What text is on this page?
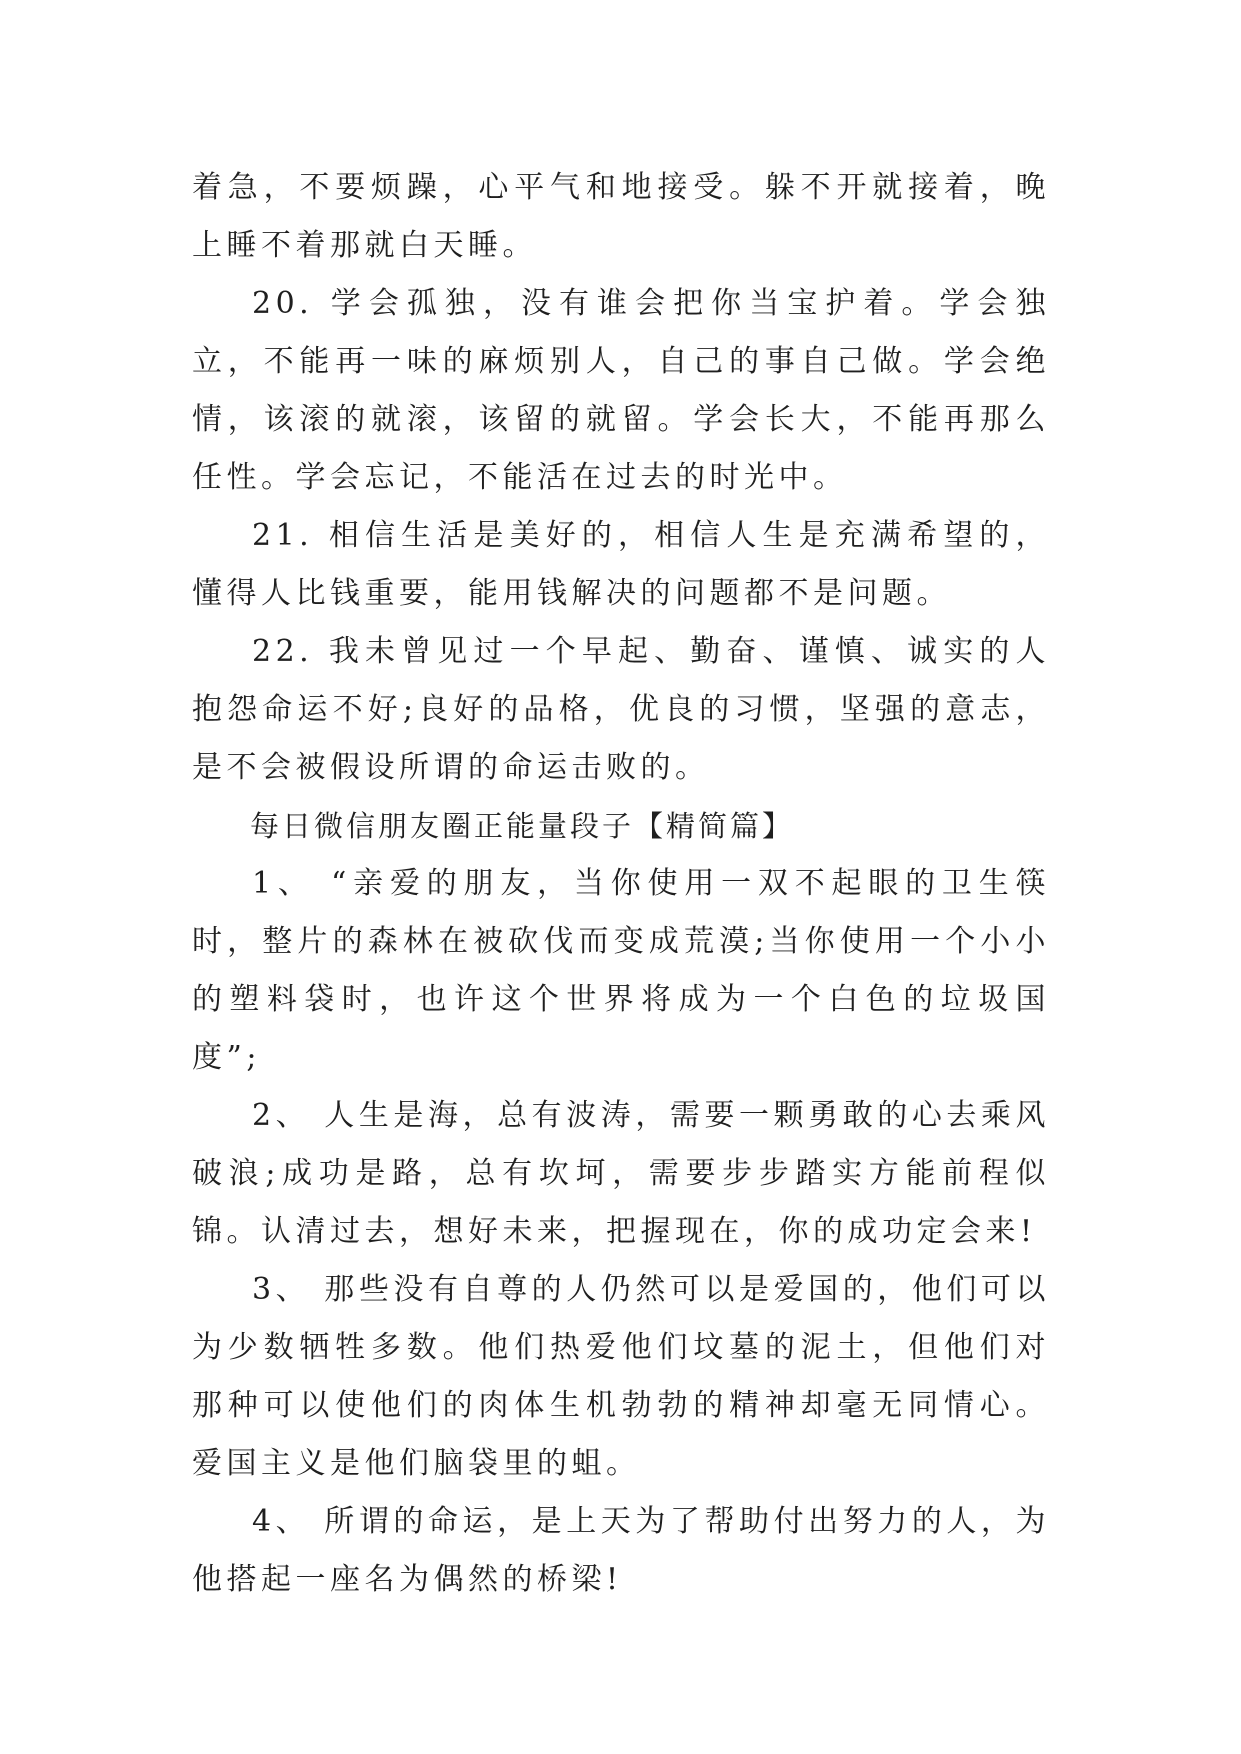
着急，不要烦躁，心平气和地接受。躲不开就接着，晚上睡不着那就白天睡。

20. 学会孤独，没有谁会把你当宝护着。学会独立，不能再一味的麻烦别人，自己的事自己做。学会绝情，该滚的就滚，该留的就留。学会长大，不能再那么任性。学会忘记，不能活在过去的时光中。

21. 相信生活是美好的，相信人生是充满希望的，懂得人比钱重要，能用钱解决的问题都不是问题。

22. 我未曾见过一个早起、勤奋、谨慎、诚实的人抱怨命运不好;良好的品格，优良的习惯，坚强的意志，是不会被假设所谓的命运击败的。

每日微信朋友圈正能量段子【精简篇】

1、 “亲爱的朋友，当你使用一双不起眼的卫生筷时，整片的森林在被砍伐而变成荒漠;当你使用一个小小的塑料袋时，也许这个世界将成为一个白色的垃圾国度”;

2、 人生是海，总有波涛，需要一颗勇敢的心去乘风破浪;成功是路，总有坎坷，需要步步踏实方能前程似锦。认清过去，想好未来，把握现在，你的成功定会来!

3、 那些没有自尊的人仍然可以是爱国的，他们可以为少数牺牲多数。他们热爱他们坟墓的泥土，但他们对那种可以使他们的肉体生机勃勃的精神却毫无同情心。爱国主义是他们脑袋里的蛆。

4、 所谓的命运，是上天为了帮助付出努力的人，为他搭起一座名为偶然的桥梁!
